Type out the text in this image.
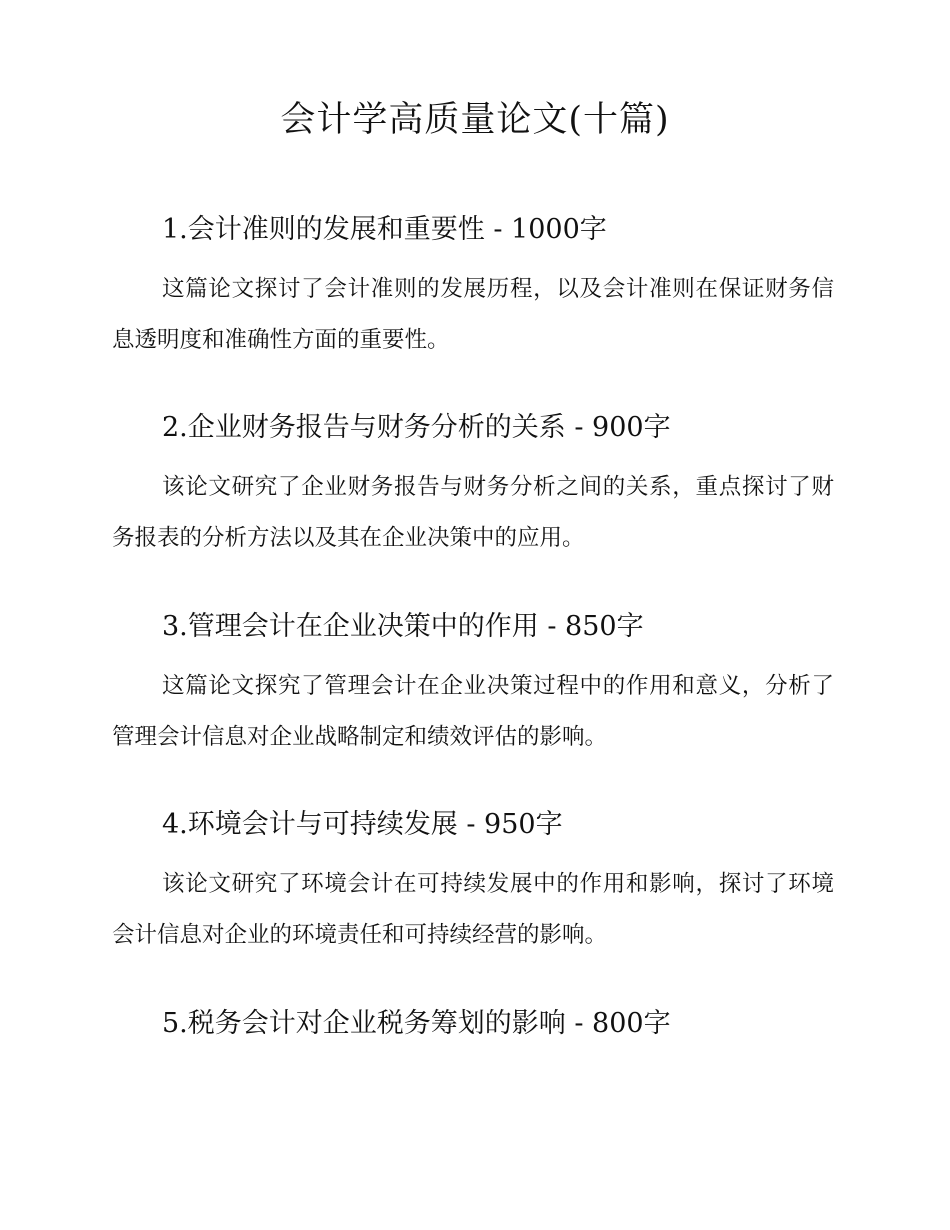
会计学高质量论文(十篇)
1.会计准则的发展和重要性 - 1000字

这篇论文探讨了会计准则的发展历程，以及会计准则在保证财务信息透明度和准确性方面的重要性。

2.企业财务报告与财务分析的关系 - 900字

该论文研究了企业财务报告与财务分析之间的关系，重点探讨了财务报表的分析方法以及其在企业决策中的应用。

3.管理会计在企业决策中的作用 - 850字

这篇论文探究了管理会计在企业决策过程中的作用和意义，分析了管理会计信息对企业战略制定和绩效评估的影响。

4.环境会计与可持续发展 - 950字

该论文研究了环境会计在可持续发展中的作用和影响，探讨了环境会计信息对企业的环境责任和可持续经营的影响。

5.税务会计对企业税务筹划的影响 - 800字
